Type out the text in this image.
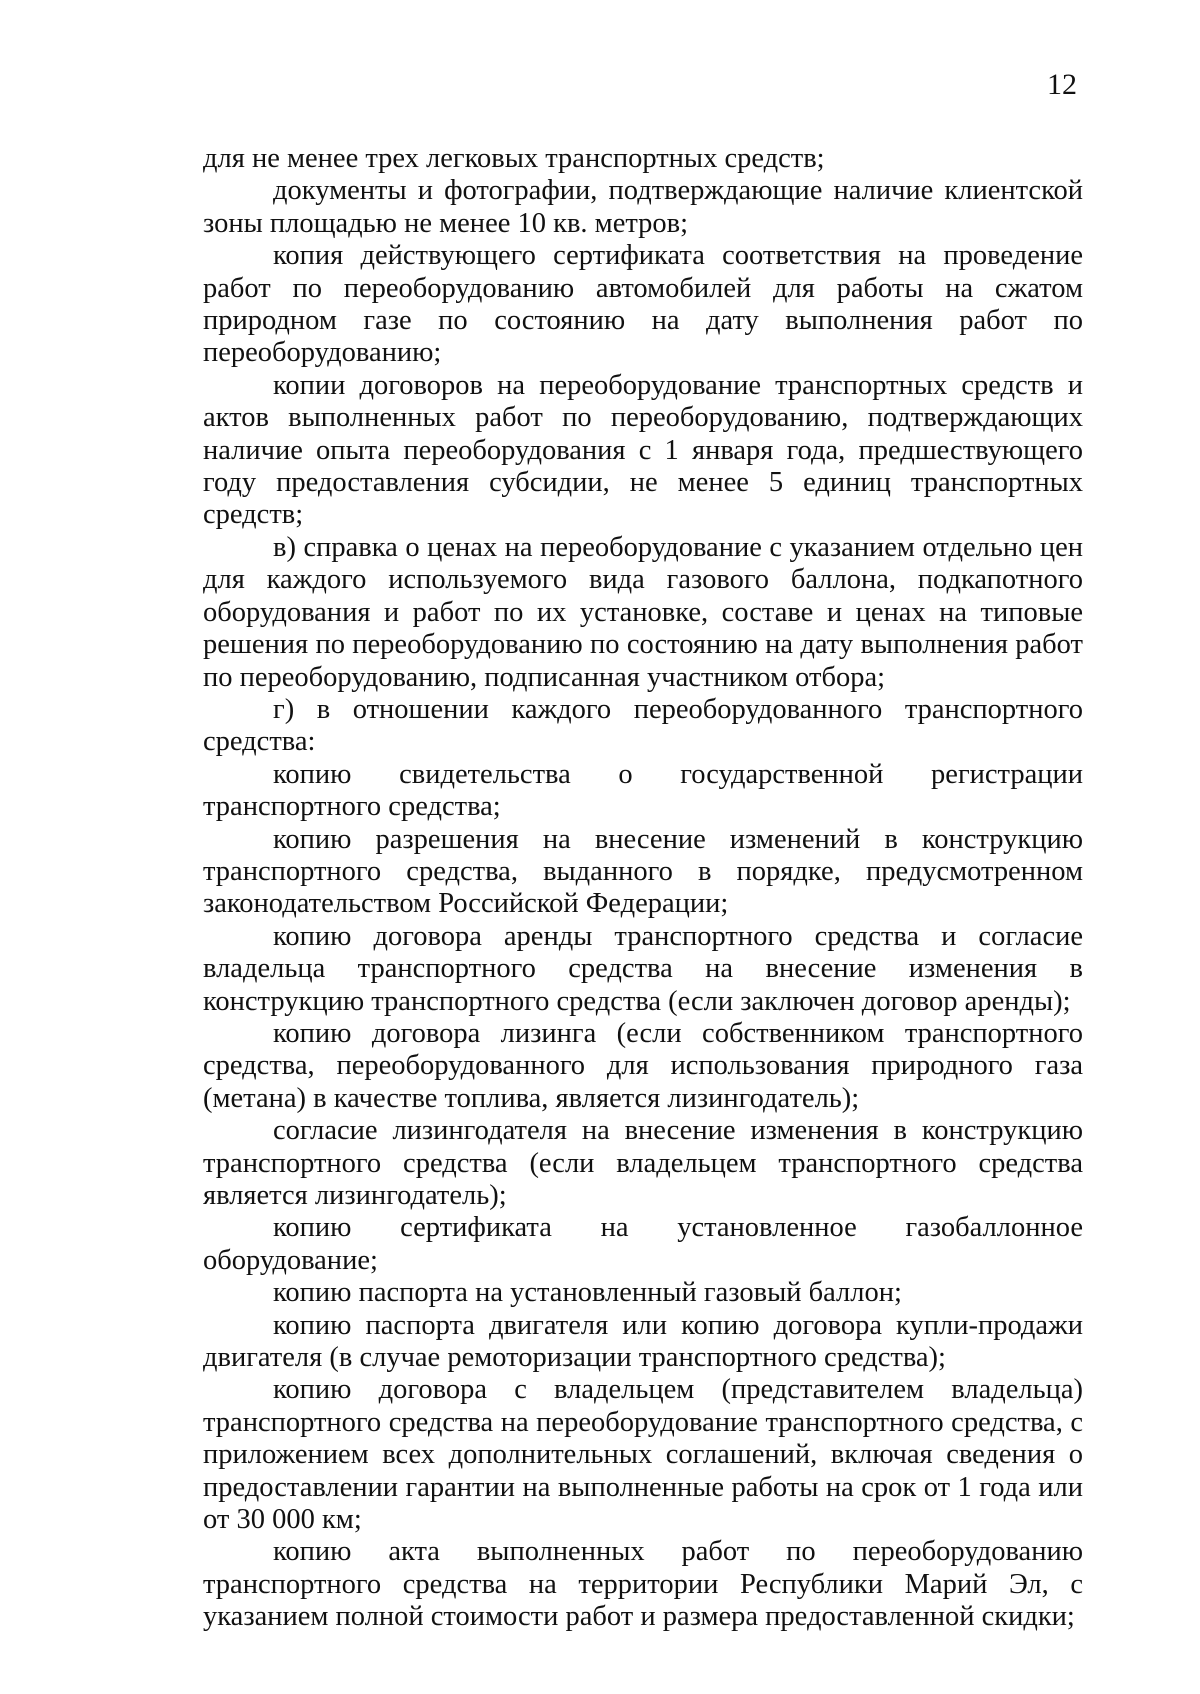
12

для не менее трех легковых транспортных средств;

документы и фотографии, подтверждающие наличие клиентской зоны площадью не менее 10 кв. метров;

копия действующего сертификата соответствия на проведение работ по переоборудованию автомобилей для работы на сжатом природном газе по состоянию на дату выполнения работ по переоборудованию;

копии договоров на переоборудование транспортных средств и актов выполненных работ по переоборудованию, подтверждающих наличие опыта переоборудования с 1 января года, предшествующего году предоставления субсидии, не менее 5 единиц транспортных средств;

в) справка о ценах на переоборудование с указанием отдельно цен для каждого используемого вида газового баллона, подкапотного оборудования и работ по их установке, составе и ценах на типовые решения по переоборудованию по состоянию на дату выполнения работ по переоборудованию, подписанная участником отбора;

г) в отношении каждого переоборудованного транспортного средства:

копию свидетельства о государственной регистрации транспортного средства;

копию разрешения на внесение изменений в конструкцию транспортного средства, выданного в порядке, предусмотренном законодательством Российской Федерации;

копию договора аренды транспортного средства и согласие владельца транспортного средства на внесение изменения в конструкцию транспортного средства (если заключен договор аренды);

копию договора лизинга (если собственником транспортного средства, переоборудованного для использования природного газа (метана) в качестве топлива, является лизингодатель);

согласие лизингодателя на внесение изменения в конструкцию транспортного средства (если владельцем транспортного средства является лизингодатель);

копию сертификата на установленное газобаллонное оборудование;

копию паспорта на установленный газовый баллон;

копию паспорта двигателя или копию договора купли-продажи двигателя (в случае ремоторизации транспортного средства);

копию договора с владельцем (представителем владельца) транспортного средства на переоборудование транспортного средства, с приложением всех дополнительных соглашений, включая сведения о предоставлении гарантии на выполненные работы на срок от 1 года или от 30 000 км;

копию акта выполненных работ по переоборудованию транспортного средства на территории Республики Марий Эл, с указанием полной стоимости работ и размера предоставленной скидки;
